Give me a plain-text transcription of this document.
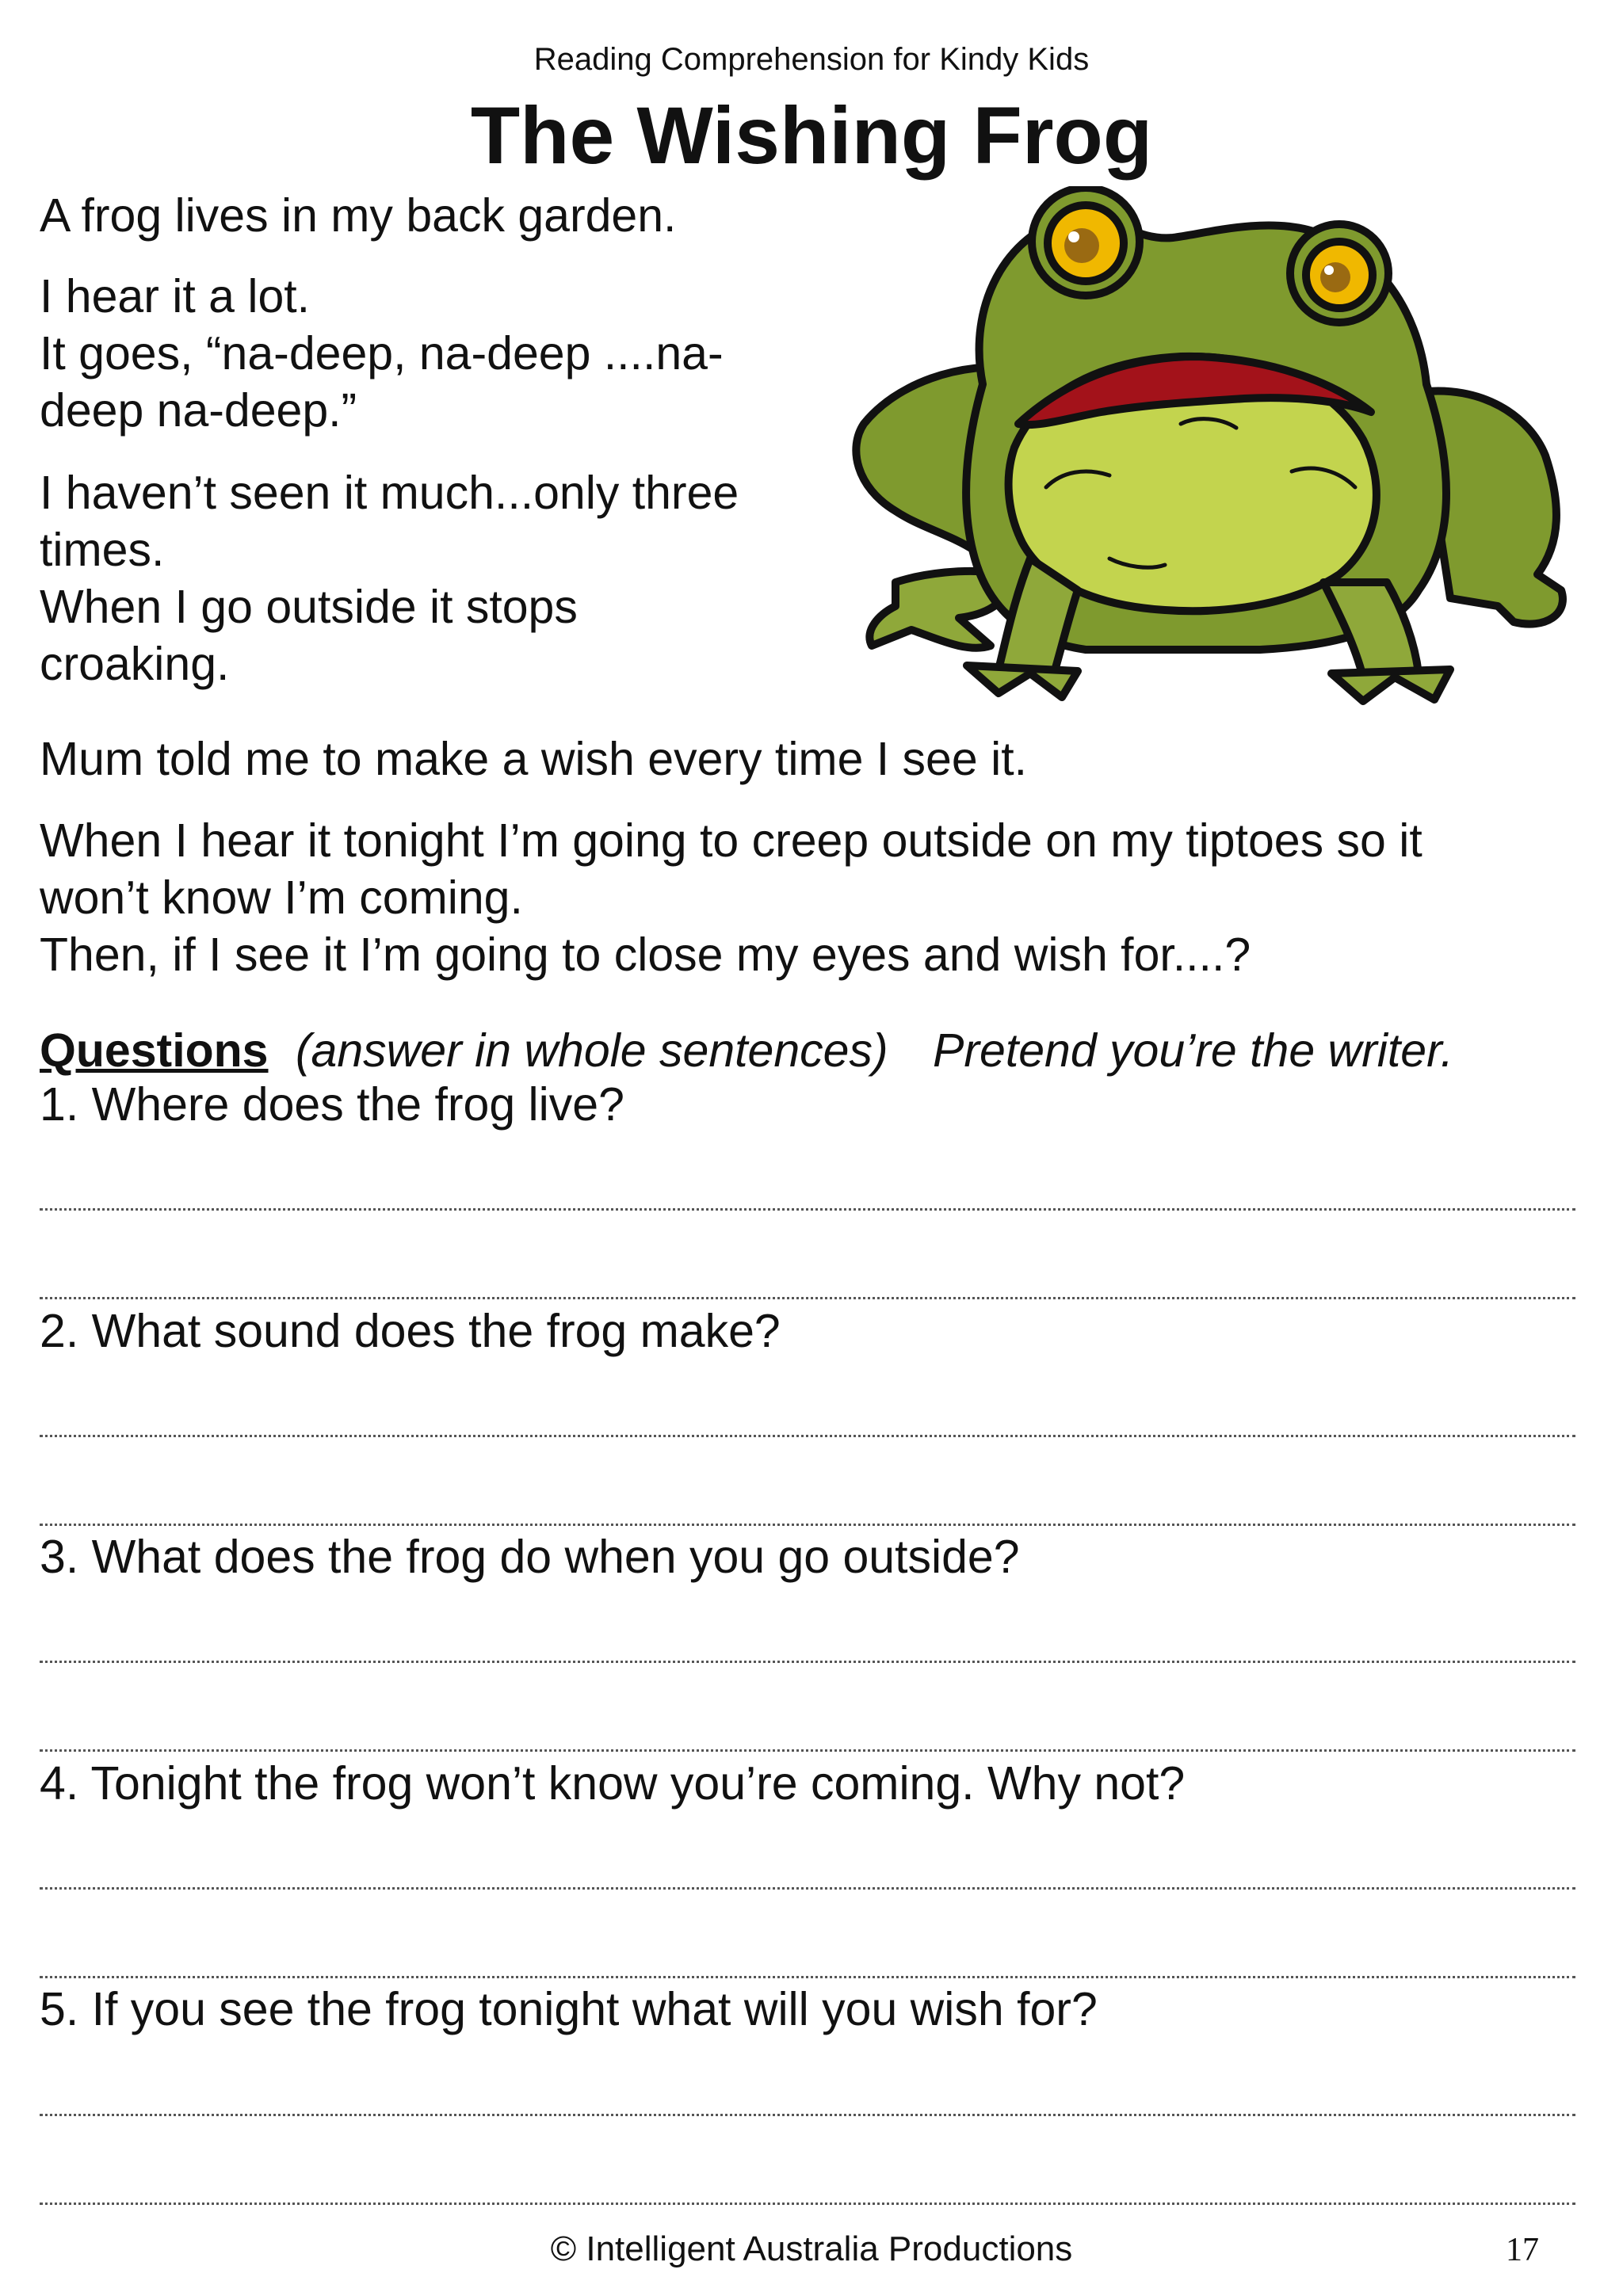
Reading Comprehension for Kindy Kids
The Wishing Frog

A frog lives in my back garden.

I hear it a lot.

It goes, “na-deep, na-deep ....na-

deep na-deep.”

I haven’t seen it much...only three

times.

When I go outside it stops

croaking.

Mum told me to make a wish every time I see it.

When I hear it tonight I’m going to creep outside on my tiptoes so it

won’t know I’m coming.

Then, if I see it I’m going to close my eyes and wish for....?

Questions (answer in whole sentences) Pretend you’re the writer.

1. Where does the frog live?

2. What sound does the frog make?

3. What does the frog do when you go outside?

4. Tonight the frog won’t know you’re coming. Why not?

5. If you see the frog tonight what will you wish for?

© Intelligent Australia Productions	17
